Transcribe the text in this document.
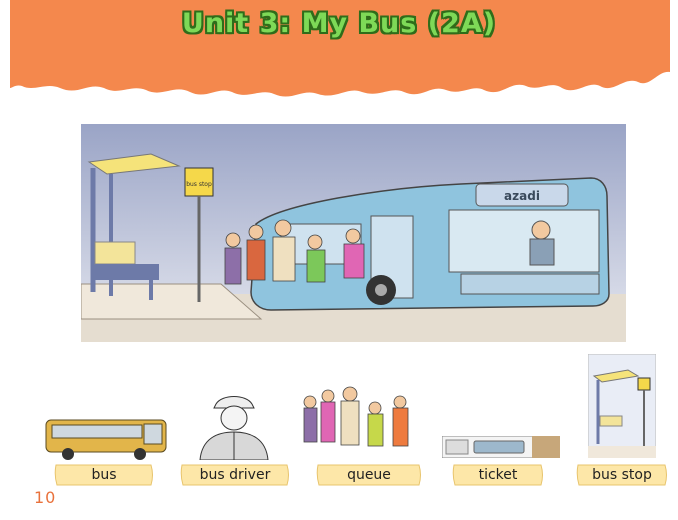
Unit 3: My Bus (2A)
bus stop
azadi
bus	bus driver	queue	ticket	bus stop
10
